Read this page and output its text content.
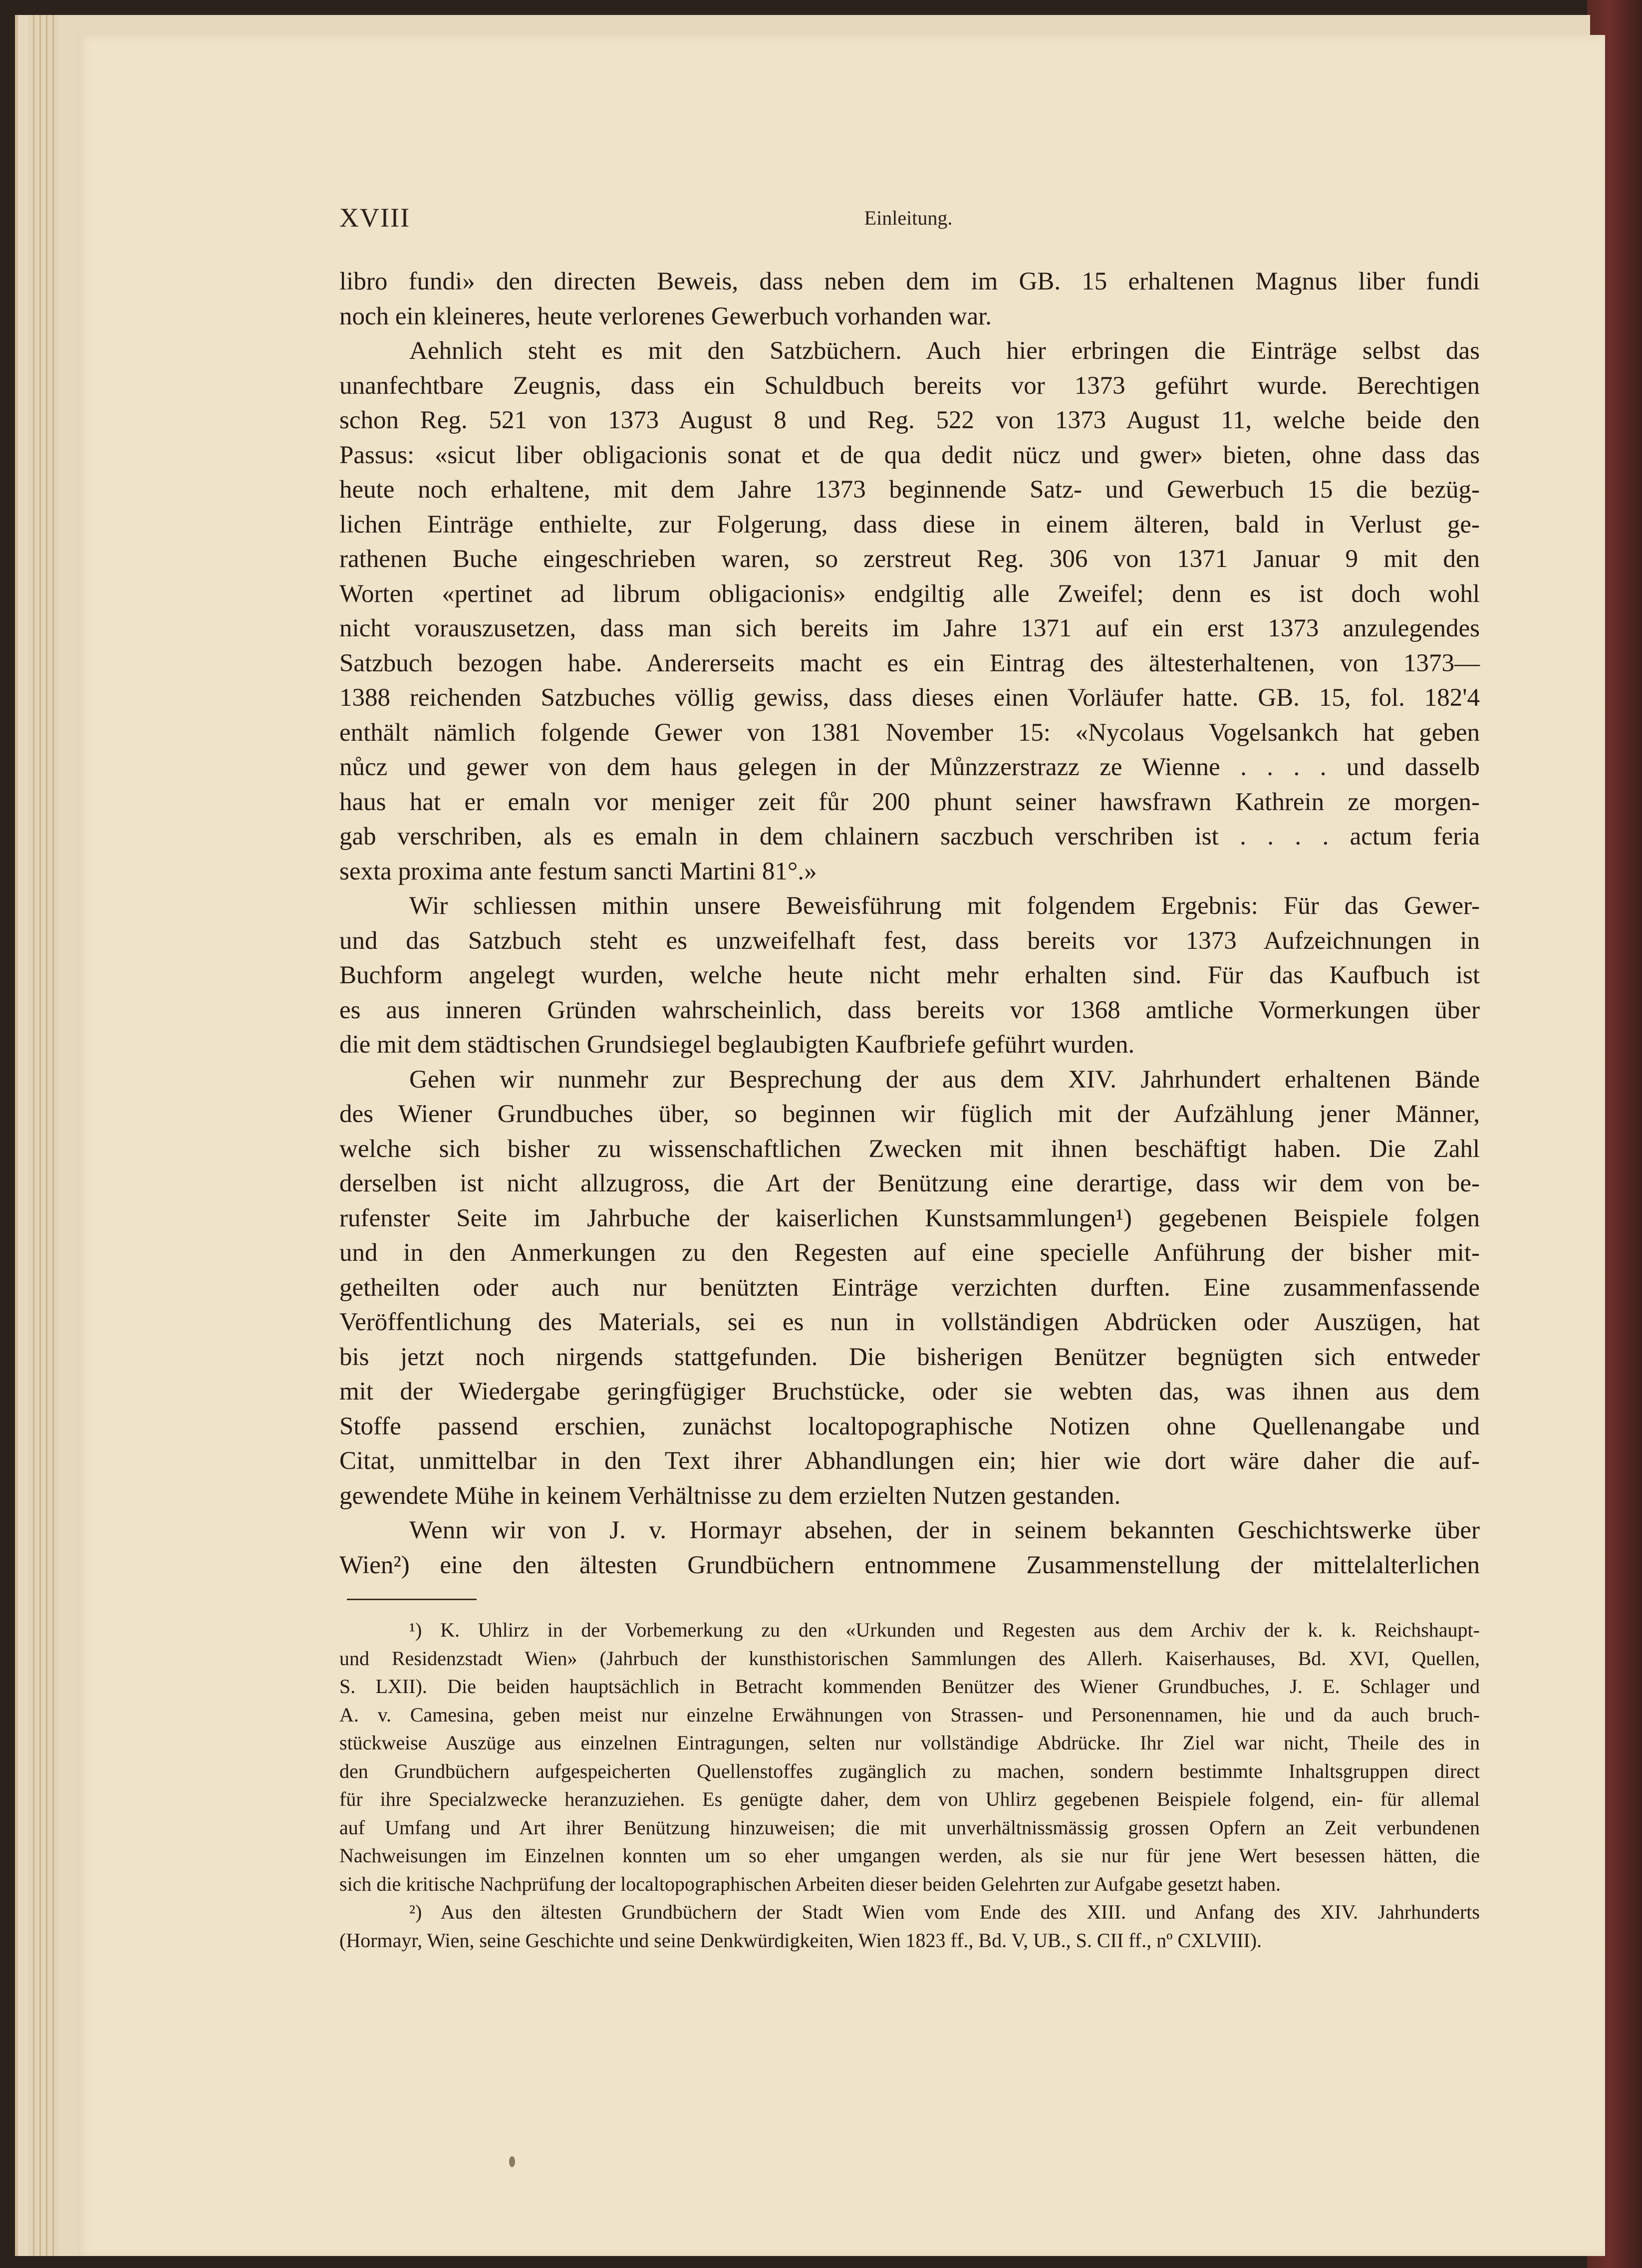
XVIII	Einleitung.

libro fundi» den directen Beweis, dass neben dem im GB. 15 erhaltenen Magnus liber fundi

noch ein kleineres, heute verlorenes Gewerbuch vorhanden war.

Aehnlich steht es mit den Satzbüchern. Auch hier erbringen die Einträge selbst das

unanfechtbare Zeugnis, dass ein Schuldbuch bereits vor 1373 geführt wurde. Berechtigen

schon Reg. 521 von 1373 August 8 und Reg. 522 von 1373 August 11, welche beide den

Passus: «sicut liber obligacionis sonat et de qua dedit nücz und gwer» bieten, ohne dass das

heute noch erhaltene, mit dem Jahre 1373 beginnende Satz- und Gewerbuch 15 die bezüg-

lichen Einträge enthielte, zur Folgerung, dass diese in einem älteren, bald in Verlust ge-

rathenen Buche eingeschrieben waren, so zerstreut Reg. 306 von 1371 Januar 9 mit den

Worten «pertinet ad librum obligacionis» endgiltig alle Zweifel; denn es ist doch wohl

nicht vorauszusetzen, dass man sich bereits im Jahre 1371 auf ein erst 1373 anzulegendes

Satzbuch bezogen habe. Andererseits macht es ein Eintrag des ältesterhaltenen, von 1373—

1388 reichenden Satzbuches völlig gewiss, dass dieses einen Vorläufer hatte. GB. 15, fol. 182'4

enthält nämlich folgende Gewer von 1381 November 15: «Nycolaus Vogelsankch hat geben

nůcz und gewer von dem haus gelegen in der Můnzzerstrazz ze Wienne . . . . und dasselb

haus hat er emaln vor meniger zeit fůr 200 phunt seiner hawsfrawn Kathrein ze morgen-

gab verschriben, als es emaln in dem chlainern saczbuch verschriben ist . . . . actum feria

sexta proxima ante festum sancti Martini 81°.»

Wir schliessen mithin unsere Beweisführung mit folgendem Ergebnis: Für das Gewer-

und das Satzbuch steht es unzweifelhaft fest, dass bereits vor 1373 Aufzeichnungen in

Buchform angelegt wurden, welche heute nicht mehr erhalten sind. Für das Kaufbuch ist

es aus inneren Gründen wahrscheinlich, dass bereits vor 1368 amtliche Vormerkungen über

die mit dem städtischen Grundsiegel beglaubigten Kaufbriefe geführt wurden.

Gehen wir nunmehr zur Besprechung der aus dem XIV. Jahrhundert erhaltenen Bände

des Wiener Grundbuches über, so beginnen wir füglich mit der Aufzählung jener Männer,

welche sich bisher zu wissenschaftlichen Zwecken mit ihnen beschäftigt haben. Die Zahl

derselben ist nicht allzugross, die Art der Benützung eine derartige, dass wir dem von be-

rufenster Seite im Jahrbuche der kaiserlichen Kunstsammlungen¹) gegebenen Beispiele folgen

und in den Anmerkungen zu den Regesten auf eine specielle Anführung der bisher mit-

getheilten oder auch nur benützten Einträge verzichten durften. Eine zusammenfassende

Veröffentlichung des Materials, sei es nun in vollständigen Abdrücken oder Auszügen, hat

bis jetzt noch nirgends stattgefunden. Die bisherigen Benützer begnügten sich entweder

mit der Wiedergabe geringfügiger Bruchstücke, oder sie webten das, was ihnen aus dem

Stoffe passend erschien, zunächst localtopographische Notizen ohne Quellenangabe und

Citat, unmittelbar in den Text ihrer Abhandlungen ein; hier wie dort wäre daher die auf-

gewendete Mühe in keinem Verhältnisse zu dem erzielten Nutzen gestanden.

Wenn wir von J. v. Hormayr absehen, der in seinem bekannten Geschichtswerke über

Wien²) eine den ältesten Grundbüchern entnommene Zusammenstellung der mittelalterlichen

¹) K. Uhlirz in der Vorbemerkung zu den «Urkunden und Regesten aus dem Archiv der k. k. Reichshaupt-

und Residenzstadt Wien» (Jahrbuch der kunsthistorischen Sammlungen des Allerh. Kaiserhauses, Bd. XVI, Quellen,

S. LXII). Die beiden hauptsächlich in Betracht kommenden Benützer des Wiener Grundbuches, J. E. Schlager und

A. v. Camesina, geben meist nur einzelne Erwähnungen von Strassen- und Personennamen, hie und da auch bruch-

stückweise Auszüge aus einzelnen Eintragungen, selten nur vollständige Abdrücke. Ihr Ziel war nicht, Theile des in

den Grundbüchern aufgespeicherten Quellenstoffes zugänglich zu machen, sondern bestimmte Inhaltsgruppen direct

für ihre Specialzwecke heranzuziehen. Es genügte daher, dem von Uhlirz gegebenen Beispiele folgend, ein- für allemal

auf Umfang und Art ihrer Benützung hinzuweisen; die mit unverhältnissmässig grossen Opfern an Zeit verbundenen

Nachweisungen im Einzelnen konnten um so eher umgangen werden, als sie nur für jene Wert besessen hätten, die

sich die kritische Nachprüfung der localtopographischen Arbeiten dieser beiden Gelehrten zur Aufgabe gesetzt haben.

²) Aus den ältesten Grundbüchern der Stadt Wien vom Ende des XIII. und Anfang des XIV. Jahrhunderts

(Hormayr, Wien, seine Geschichte und seine Denkwürdigkeiten, Wien 1823 ff., Bd. V, UB., S. CII ff., nº CXLVIII).
